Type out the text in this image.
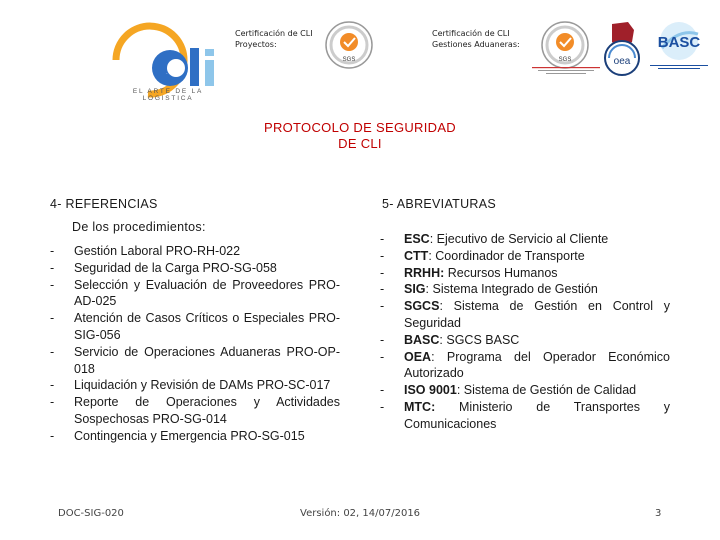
CLi
EL ARTE DE LA LOGISTICA
Certificación de CLI Proyectos:
Certificación de CLI Gestiones Aduaneras:
SGS	SGS	oea
BASC
PROTOCOLO DE SEGURIDAD
DE CLI
4- REFERENCIAS
De los procedimientos:
- Gestión Laboral PRO-RH-022
- Seguridad de la Carga PRO-SG-058
- Selección y Evaluación de Proveedores PRO-AD-025
- Atención de Casos Críticos o Especiales PRO-SIG-056
- Servicio de Operaciones Aduaneras PRO-OP-018
- Liquidación y Revisión de DAMs PRO-SC-017
- Reporte de Operaciones y Actividades Sospechosas PRO-SG-014
- Contingencia y Emergencia PRO-SG-015
5- ABREVIATURAS
- ESC: Ejecutivo de Servicio al Cliente
- CTT: Coordinador de Transporte
- RRHH: Recursos Humanos
- SIG: Sistema Integrado de Gestión
- SGCS: Sistema de Gestión en Control y Seguridad
- BASC: SGCS BASC
- OEA: Programa del Operador Económico Autorizado
- ISO 9001: Sistema de Gestión de Calidad
- MTC: Ministerio de Transportes y Comunicaciones
DOC-SIG-020	Versión: 02, 14/07/2016	3
